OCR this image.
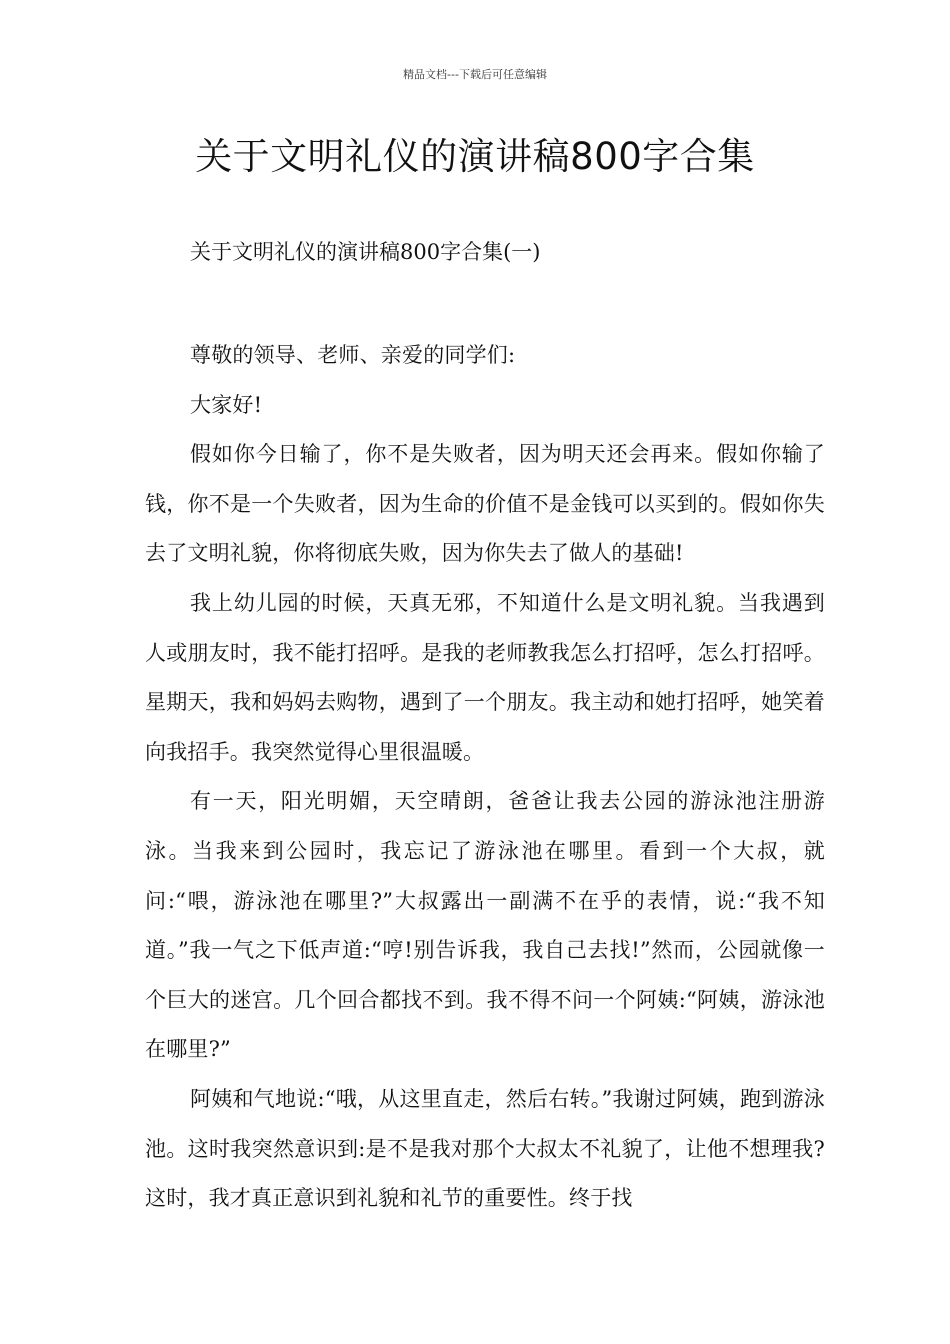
精品文档---下载后可任意编辑
关于文明礼仪的演讲稿800字合集

关于文明礼仪的演讲稿800字合集(一)

尊敬的领导、老师、亲爱的同学们:

大家好!

假如你今日输了，你不是失败者，因为明天还会再来。假如你输了钱，你不是一个失败者，因为生命的价值不是金钱可以买到的。假如你失去了文明礼貌，你将彻底失败，因为你失去了做人的基础!

我上幼儿园的时候，天真无邪，不知道什么是文明礼貌。当我遇到人或朋友时，我不能打招呼。是我的老师教我怎么打招呼，怎么打招呼。星期天，我和妈妈去购物，遇到了一个朋友。我主动和她打招呼，她笑着向我招手。我突然觉得心里很温暖。

有一天，阳光明媚，天空晴朗，爸爸让我去公园的游泳池注册游泳。当我来到公园时，我忘记了游泳池在哪里。看到一个大叔，就问:“喂，游泳池在哪里?”大叔露出一副满不在乎的表情，说:“我不知道。”我一气之下低声道:“哼!别告诉我，我自己去找!”然而，公园就像一个巨大的迷宫。几个回合都找不到。我不得不问一个阿姨:“阿姨，游泳池在哪里?”

阿姨和气地说:“哦，从这里直走，然后右转。”我谢过阿姨，跑到游泳池。这时我突然意识到:是不是我对那个大叔太不礼貌了，让他不想理我?这时，我才真正意识到礼貌和礼节的重要性。终于找
